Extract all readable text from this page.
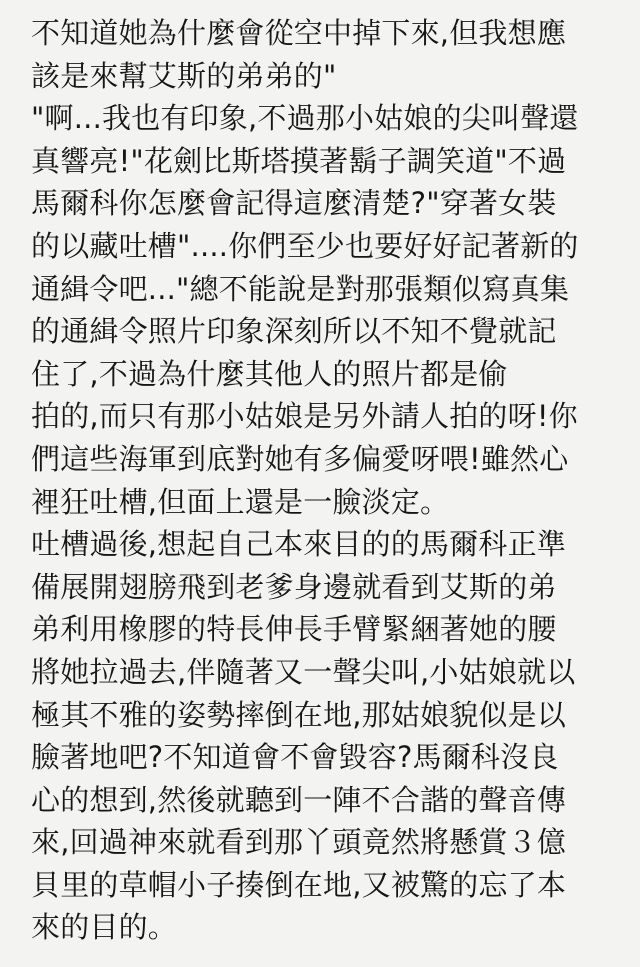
不知道她為什麼會從空中掉下來,但我想應
該是來幫艾斯的弟弟的"
"啊...我也有印象,不過那小姑娘的尖叫聲還
真響亮!"花劍比斯塔摸著鬍子調笑道"不過
馬爾科你怎麼會記得這麼清楚?"穿著女裝
的以藏吐槽"....你們至少也要好好記著新的
通緝令吧..."總不能說是對那張類似寫真集
的通緝令照片印象深刻所以不知不覺就記
住了,不過為什麼其他人的照片都是偷
拍的,而只有那小姑娘是另外請人拍的呀!你
們這些海軍到底對她有多偏愛呀喂!雖然心
裡狂吐槽,但面上還是一臉淡定。
吐槽過後,想起自己本來目的的馬爾科正準
備展開翅膀飛到老爹身邊就看到艾斯的弟
弟利用橡膠的特長伸長手臂緊綑著她的腰
將她拉過去,伴隨著又一聲尖叫,小姑娘就以
極其不雅的姿勢摔倒在地,那姑娘貌似是以
臉著地吧?不知道會不會毀容?馬爾科沒良
心的想到,然後就聽到一陣不合諧的聲音傳
來,回過神來就看到那丫頭竟然將懸賞３億
貝里的草帽小子揍倒在地,又被驚的忘了本
來的目的。
